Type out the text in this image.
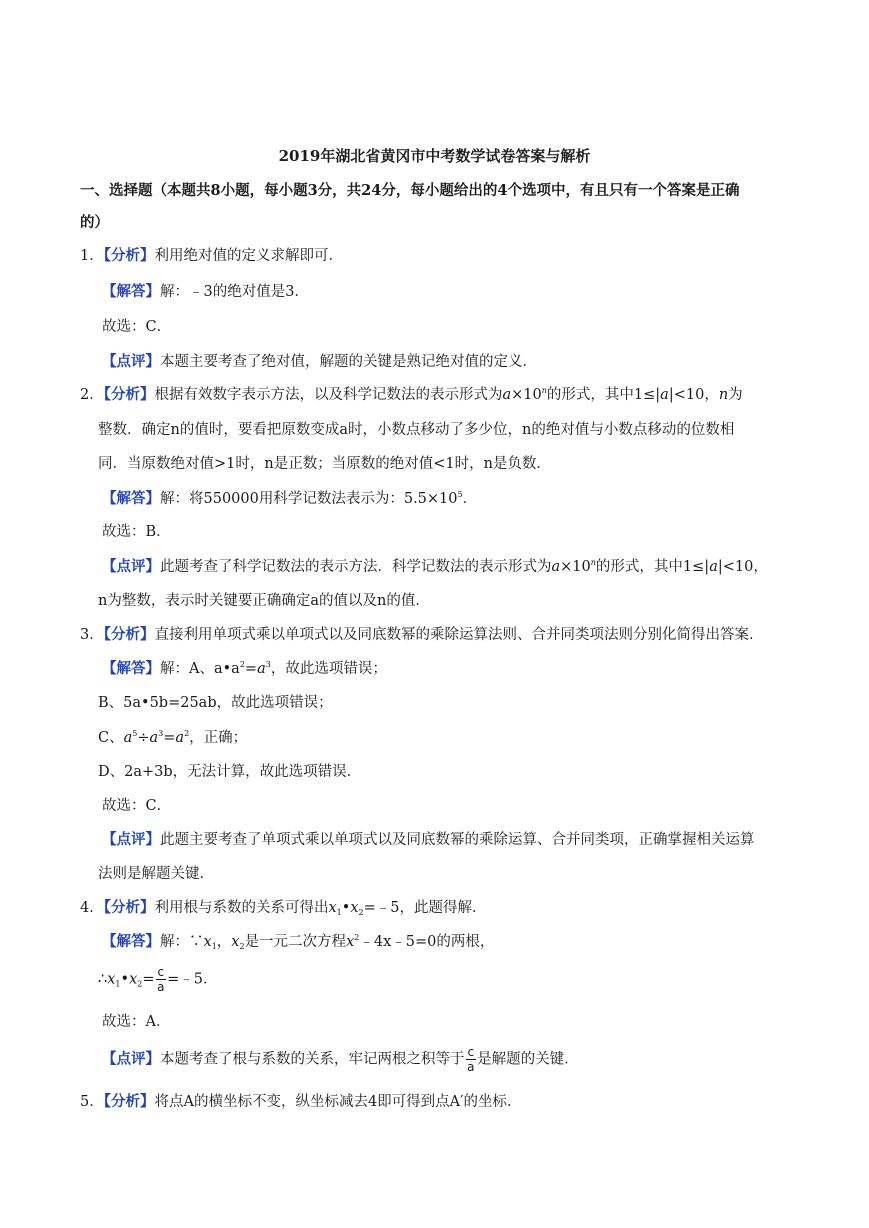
2019年湖北省黄冈市中考数学试卷答案与解析
一、选择题（本题共8小题，每小题3分，共24分，每小题给出的4个选项中，有且只有一个答案是正确
的）
1．【分析】利用绝对值的定义求解即可．
【解答】解：﹣3的绝对值是3．
故选：C．
【点评】本题主要考查了绝对值，解题的关键是熟记绝对值的定义．
2．【分析】根据有效数字表示方法，以及科学记数法的表示形式为$a\times 10^n$的形式，其中1≤|a|<10，n为
整数．确定n的值时，要看把原数变成a时，小数点移动了多少位，n的绝对值与小数点移动的位数相
同．当原数绝对值>1时，n是正数；当原数的绝对值<1时，n是负数．
【解答】解：将550000用科学记数法表示为：$5.5\times 10^5$．
故选：B．
【点评】此题考查了科学记数法的表示方法．科学记数法的表示形式为$a\times 10^n$的形式，其中1≤|a|<10，
n为整数，表示时关键要正确确定a的值以及n的值．
3．【分析】直接利用单项式乘以单项式以及同底数幂的乘除运算法则、合并同类项法则分别化简得出答案．
【解答】解：A、$a•a^2=a^3$，故此选项错误；
B、5a•5b=25ab，故此选项错误；
C、$a^5\div a^3=a^2$，正确；
D、2a+3b，无法计算，故此选项错误．
故选：C．
【点评】此题主要考查了单项式乘以单项式以及同底数幂的乘除运算、合并同类项，正确掌握相关运算
法则是解题关键．
4．【分析】利用根与系数的关系可得出$x_1•x_2=﹣5$，此题得解．
【解答】解：$\because x_1$，$x_2$是一元二次方程$x^2﹣4x﹣5=0$的两根，
$\therefore x_1•x_2= \frac{c}{a}$ =﹣5．
故选：A．
【点评】本题考查了根与系数的关系，牢记两根之积等于 $\frac{c}{a}$ 是解题的关键．
5．【分析】将点A的横坐标不变，纵坐标减去4即可得到点A′的坐标．
